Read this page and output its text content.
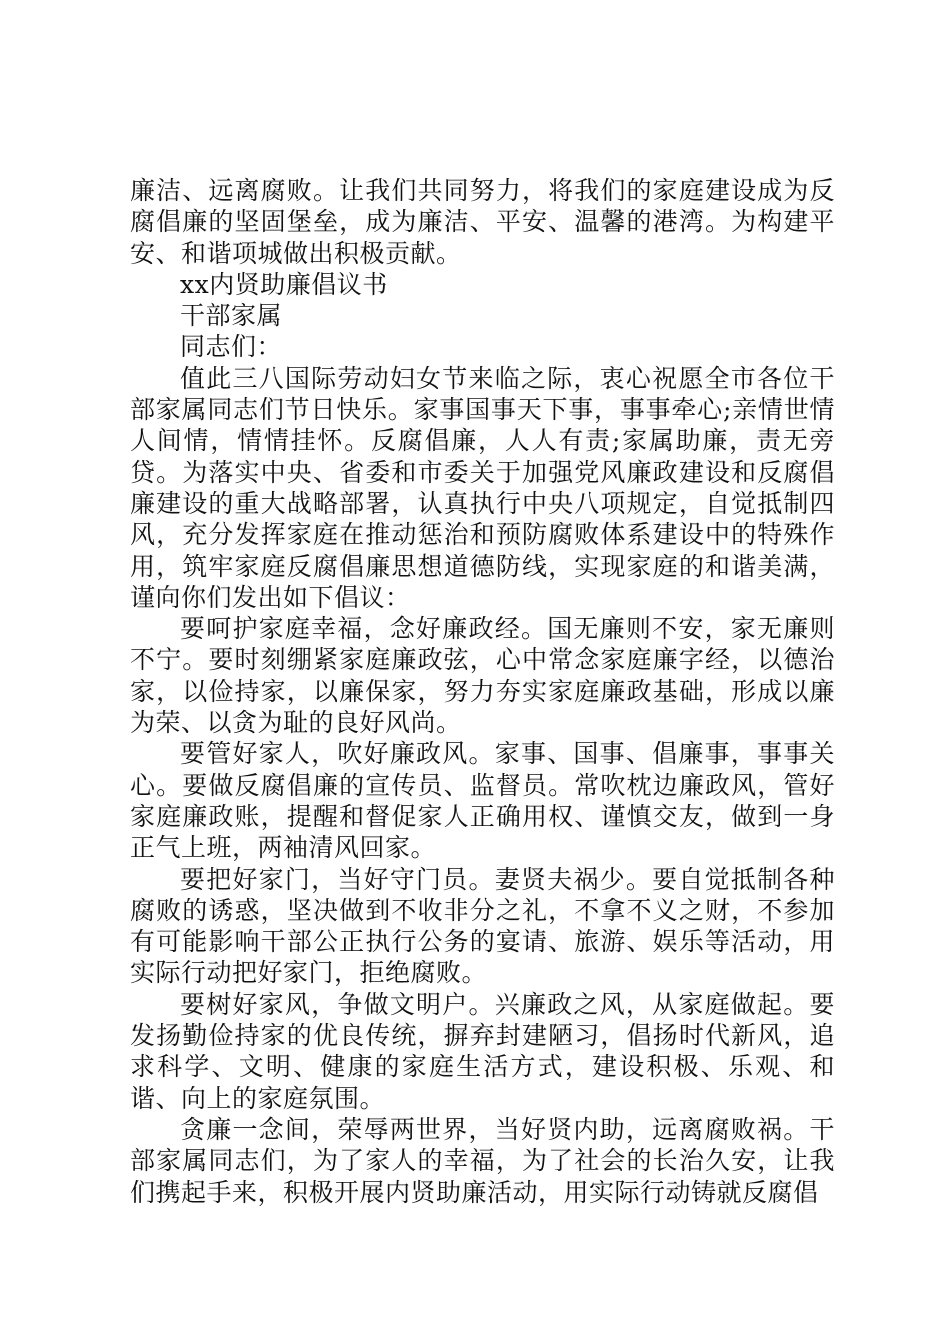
廉洁、远离腐败。让我们共同努力，将我们的家庭建设成为反腐倡廉的坚固堡垒，成为廉洁、平安、温馨的港湾。为构建平安、和谐项城做出积极贡献。

xx内贤助廉倡议书

干部家属

同志们：

值此三八国际劳动妇女节来临之际，衷心祝愿全市各位干部家属同志们节日快乐。家事国事天下事，事事牵心;亲情世情人间情，情情挂怀。反腐倡廉，人人有责;家属助廉，责无旁贷。为落实中央、省委和市委关于加强党风廉政建设和反腐倡廉建设的重大战略部署，认真执行中央八项规定，自觉抵制四风，充分发挥家庭在推动惩治和预防腐败体系建设中的特殊作用，筑牢家庭反腐倡廉思想道德防线，实现家庭的和谐美满，谨向你们发出如下倡议：

要呵护家庭幸福，念好廉政经。国无廉则不安，家无廉则不宁。要时刻绷紧家庭廉政弦，心中常念家庭廉字经，以德治家，以俭持家，以廉保家，努力夯实家庭廉政基础，形成以廉为荣、以贪为耻的良好风尚。

要管好家人，吹好廉政风。家事、国事、倡廉事，事事关心。要做反腐倡廉的宣传员、监督员。常吹枕边廉政风，管好家庭廉政账，提醒和督促家人正确用权、谨慎交友，做到一身正气上班，两袖清风回家。

要把好家门，当好守门员。妻贤夫祸少。要自觉抵制各种腐败的诱惑，坚决做到不收非分之礼，不拿不义之财，不参加有可能影响干部公正执行公务的宴请、旅游、娱乐等活动，用实际行动把好家门，拒绝腐败。

要树好家风，争做文明户。兴廉政之风，从家庭做起。要发扬勤俭持家的优良传统，摒弃封建陋习，倡扬时代新风，追求科学、文明、健康的家庭生活方式，建设积极、乐观、和谐、向上的家庭氛围。

贪廉一念间，荣辱两世界，当好贤内助，远离腐败祸。干部家属同志们，为了家人的幸福，为了社会的长治久安，让我们携起手来，积极开展内贤助廉活动，用实际行动铸就反腐倡
